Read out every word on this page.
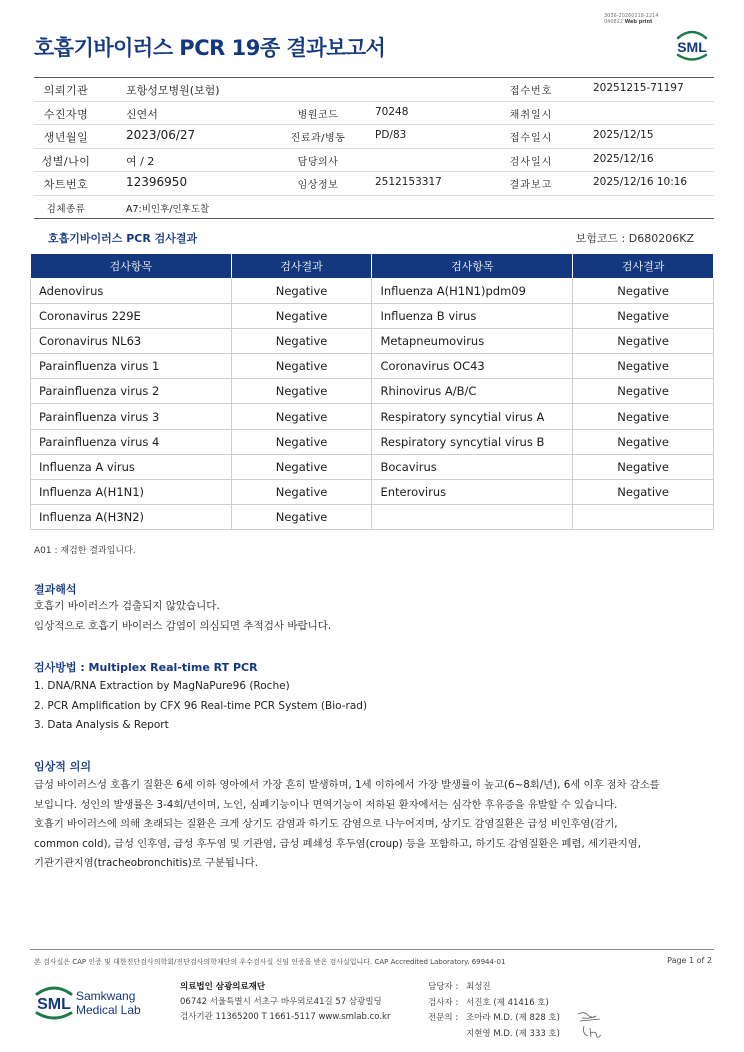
3036-20260218-1214
040822 Web print
호흡기바이러스 PCR 19종 결과보고서	SML
의뢰기관	포항성모병원(보험)	접수번호	20251215-71197
수진자명	신연서	병원코드	70248	채취일시
생년월일	2023/06/27	진료과/병동	PD/83	접수일시	2025/12/15
성별/나이	여 / 2	담당의사	검사일시	2025/12/16
차트번호	12396950	임상정보	2512153317	결과보고	2025/12/16 10:16
검체종류	A7:비인후/인후도찰
호흡기바이러스 PCR 검사결과	보험코드 : D680206KZ
검사항목	검사결과	검사항목	검사결과
Adenovirus	Negative	Influenza A(H1N1)pdm09	Negative
Coronavirus 229E	Negative	Influenza B virus	Negative
Coronavirus NL63	Negative	Metapneumovirus	Negative
Parainfluenza virus 1	Negative	Coronavirus OC43	Negative
Parainfluenza virus 2	Negative	Rhinovirus A/B/C	Negative
Parainfluenza virus 3	Negative	Respiratory syncytial virus A	Negative
Parainfluenza virus 4	Negative	Respiratory syncytial virus B	Negative
Influenza A virus	Negative	Bocavirus	Negative
Influenza A(H1N1)	Negative	Enterovirus	Negative
Influenza A(H3N2)	Negative		
A01 : 재검한 결과입니다.
결과해석
호흡기 바이러스가 검출되지 않았습니다.
임상적으로 호흡기 바이러스 감염이 의심되면 추적검사 바랍니다.
검사방법 : Multiplex Real-time RT PCR
1. DNA/RNA Extraction by MagNaPure96 (Roche)
2. PCR Amplification by CFX 96 Real-time PCR System (Bio-rad)
3. Data Analysis & Report
임상적 의의
급성 바이러스성 호흡기 질환은 6세 이하 영아에서 가장 흔히 발생하며, 1세 이하에서 가장 발생률이 높고(6~8회/년), 6세 이후 점차 감소를
보입니다. 성인의 발생률은 3-4회/년이며, 노인, 심폐기능이나 면역기능이 저하된 환자에서는 심각한 후유증을 유발할 수 있습니다.
호흡기 바이러스에 의해 초래되는 질환은 크게 상기도 감염과 하기도 감염으로 나누어지며, 상기도 감염질환은 급성 비인후염(감기,
common cold), 급성 인후염, 급성 후두염 및 기관염, 급성 폐쇄성 후두염(croup) 등을 포함하고, 하기도 감염질환은 폐렴, 세기관지염,
기관기관지염(tracheobronchitis)로 구분됩니다.
본 검사실은 CAP 인증 및 대한진단검사의학회/진단검사의학재단의 우수검사실 신임 인증을 받은 검사실입니다. CAP Accredited Laboratory. 69944-01	Page 1 of 2
SML Samkwang
Medical Lab
의료법인 삼광의료재단
06742 서울특별시 서초구 바우뫼로41길 57 삼광빌딩
검사기관 11365200 T 1661-5117 www.smlab.co.kr
담당자 : 최성진
검사자 : 서진호 (제 41416 호)
전문의 : 조아라 M.D. (제 828 호)
지현영 M.D. (제 333 호)
